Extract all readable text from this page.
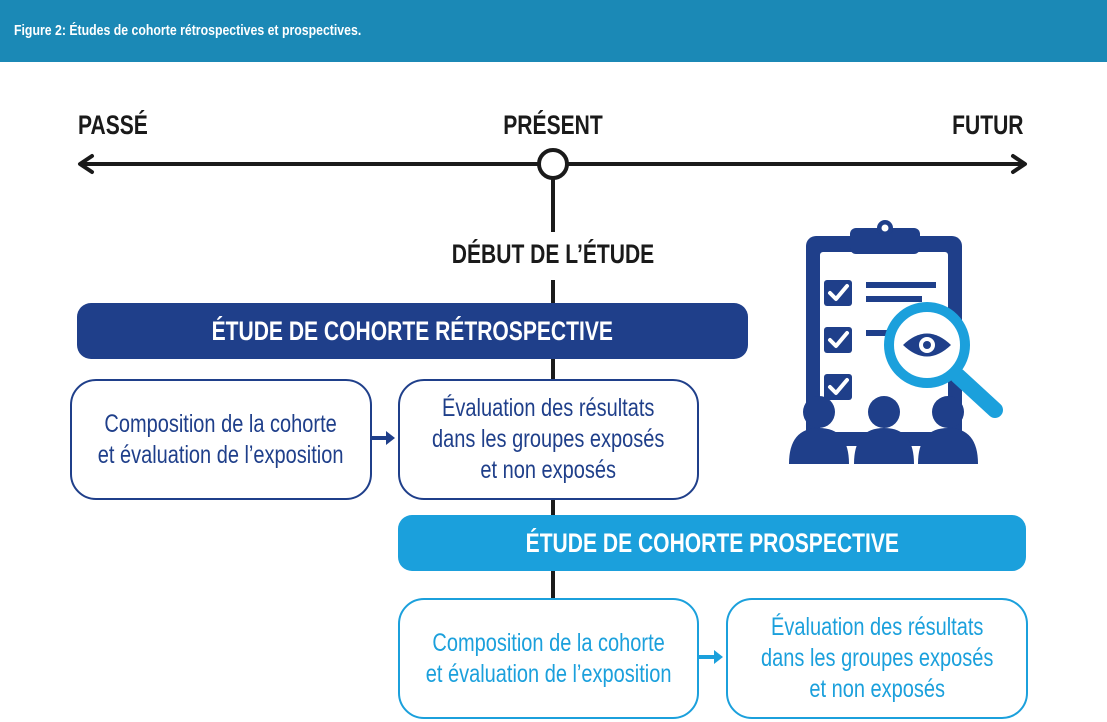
Figure 2: Études de cohorte rétrospectives et prospectives.
PASSÉ	PRÉSENT	FUTUR
DÉBUT DE L’ÉTUDE
ÉTUDE DE COHORTE RÉTROSPECTIVE
Composition de la cohorte
et évaluation de l’exposition
Évaluation des résultats
dans les groupes exposés
et non exposés
ÉTUDE DE COHORTE PROSPECTIVE
Composition de la cohorte
et évaluation de l’exposition
Évaluation des résultats
dans les groupes exposés
et non exposés
